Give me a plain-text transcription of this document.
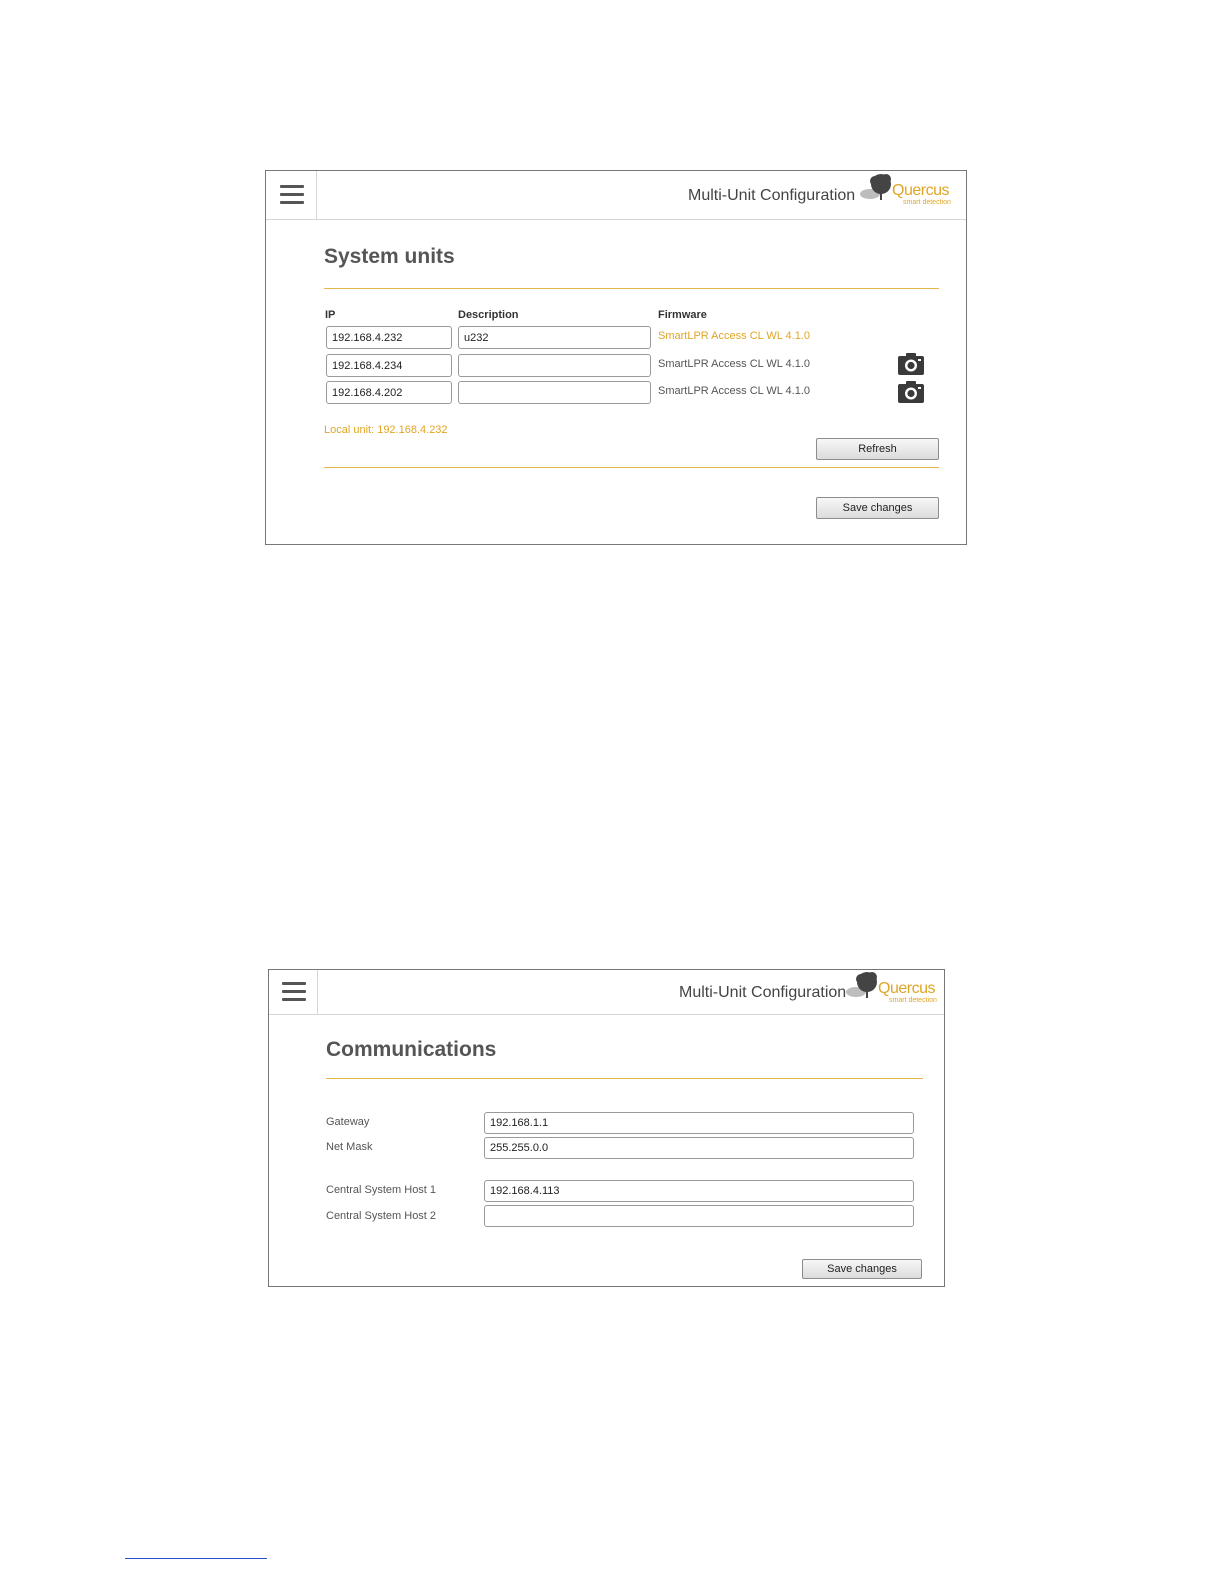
Multi-Unit Configuration Quercus
smart detection
System units
IP	Description	Firmware
192.168.4.232
u232
SmartLPR Access CL WL 4.1.0
192.168.4.234
SmartLPR Access CL WL 4.1.0
192.168.4.202
SmartLPR Access CL WL 4.1.0
Local unit: 192.168.4.232
Refresh
Save changes
Multi-Unit Configuration Quercus
smart detection
Communications
Gateway
192.168.1.1
Net Mask
255.255.0.0
Central System Host 1
192.168.4.113
Central System Host 2
Save changes
